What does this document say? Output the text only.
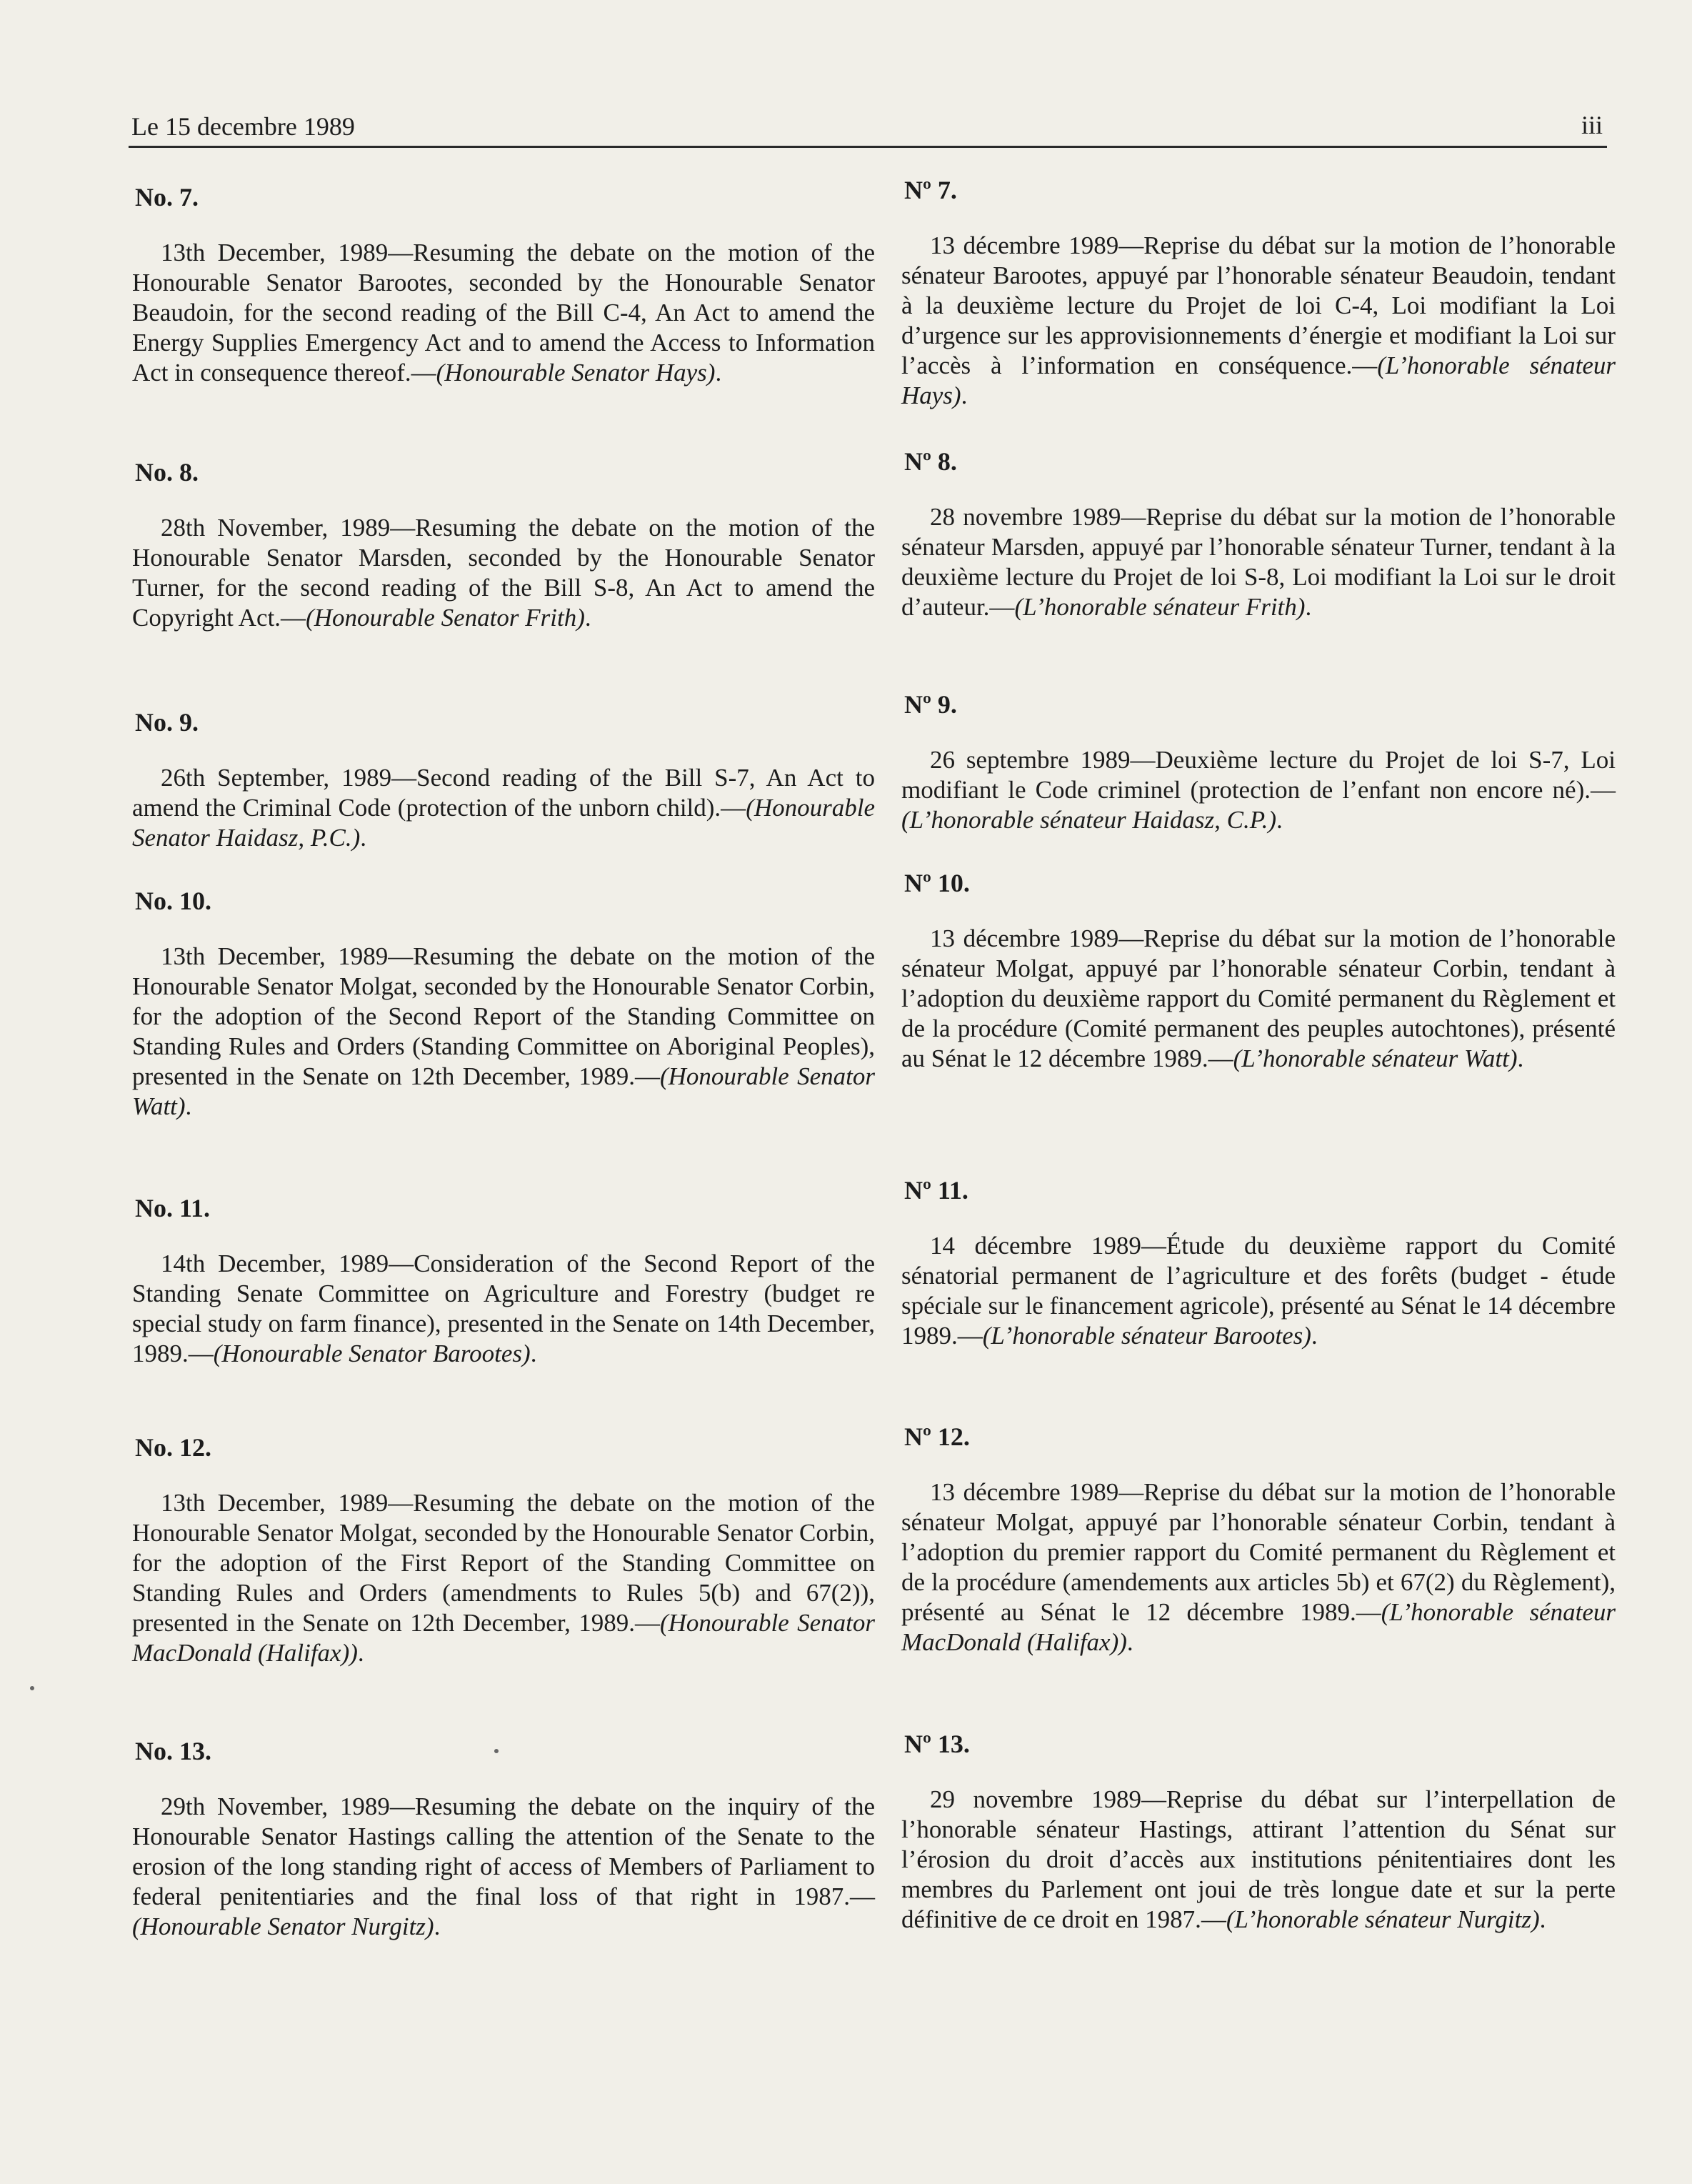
Le 15 decembre 1989	iii
No. 7.

13th December, 1989—Resuming the debate on the motion of the Honourable Senator Barootes, seconded by the Honourable Senator Beaudoin, for the second reading of the Bill C-4, An Act to amend the Energy Supplies Emergency Act and to amend the Access to Information Act in consequence thereof.—(Honourable Senator Hays).

No. 8.

28th November, 1989—Resuming the debate on the motion of the Honourable Senator Marsden, seconded by the Honourable Senator Turner, for the second reading of the Bill S-8, An Act to amend the Copyright Act.—(Honourable Senator Frith).

No. 9.

26th September, 1989—Second reading of the Bill S-7, An Act to amend the Criminal Code (protection of the unborn child).—(Honourable Senator Haidasz, P.C.).

No. 10.

13th December, 1989—Resuming the debate on the motion of the Honourable Senator Molgat, seconded by the Honourable Senator Corbin, for the adoption of the Second Report of the Standing Committee on Standing Rules and Orders (Standing Committee on Aboriginal Peoples), presented in the Senate on 12th December, 1989.—(Honourable Senator Watt).

No. 11.

14th December, 1989—Consideration of the Second Report of the Standing Senate Committee on Agriculture and Forestry (budget re special study on farm finance), presented in the Senate on 14th December, 1989.—(Honourable Senator Barootes).

No. 12.

13th December, 1989—Resuming the debate on the motion of the Honourable Senator Molgat, seconded by the Honourable Senator Corbin, for the adoption of the First Report of the Standing Committee on Standing Rules and Orders (amendments to Rules 5(b) and 67(2)), presented in the Senate on 12th December, 1989.—(Honourable Senator MacDonald (Halifax)).

No. 13.

29th November, 1989—Resuming the debate on the inquiry of the Honourable Senator Hastings calling the attention of the Senate to the erosion of the long standing right of access of Members of Parliament to federal penitentiaries and the final loss of that right in 1987.—(Honourable Senator Nurgitz).

Nº 7.

13 décembre 1989—Reprise du débat sur la motion de l’honorable sénateur Barootes, appuyé par l’honorable sénateur Beaudoin, tendant à la deuxième lecture du Projet de loi C-4, Loi modifiant la Loi d’urgence sur les approvisionnements d’énergie et modifiant la Loi sur l’accès à l’information en conséquence.—(L’honorable sénateur Hays).

Nº 8.

28 novembre 1989—Reprise du débat sur la motion de l’honorable sénateur Marsden, appuyé par l’honorable sénateur Turner, tendant à la deuxième lecture du Projet de loi S-8, Loi modifiant la Loi sur le droit d’auteur.—(L’honorable sénateur Frith).

Nº 9.

26 septembre 1989—Deuxième lecture du Projet de loi S-7, Loi modifiant le Code criminel (protection de l’enfant non encore né).—(L’honorable sénateur Haidasz, C.P.).

Nº 10.

13 décembre 1989—Reprise du débat sur la motion de l’honorable sénateur Molgat, appuyé par l’honorable sénateur Corbin, tendant à l’adoption du deuxième rapport du Comité permanent du Règlement et de la procédure (Comité permanent des peuples autochtones), présenté au Sénat le 12 décembre 1989.—(L’honorable sénateur Watt).

Nº 11.

14 décembre 1989—Étude du deuxième rapport du Comité sénatorial permanent de l’agriculture et des forêts (budget - étude spéciale sur le financement agricole), présenté au Sénat le 14 décembre 1989.—(L’honorable sénateur Barootes).

Nº 12.

13 décembre 1989—Reprise du débat sur la motion de l’honorable sénateur Molgat, appuyé par l’honorable sénateur Corbin, tendant à l’adoption du premier rapport du Comité permanent du Règlement et de la procédure (amendements aux articles 5b) et 67(2) du Règlement), présenté au Sénat le 12 décembre 1989.—(L’honorable sénateur MacDonald (Halifax)).

Nº 13.

29 novembre 1989—Reprise du débat sur l’interpellation de l’honorable sénateur Hastings, attirant l’attention du Sénat sur l’érosion du droit d’accès aux institutions pénitentiaires dont les membres du Parlement ont joui de très longue date et sur la perte définitive de ce droit en 1987.—(L’honorable sénateur Nurgitz).
